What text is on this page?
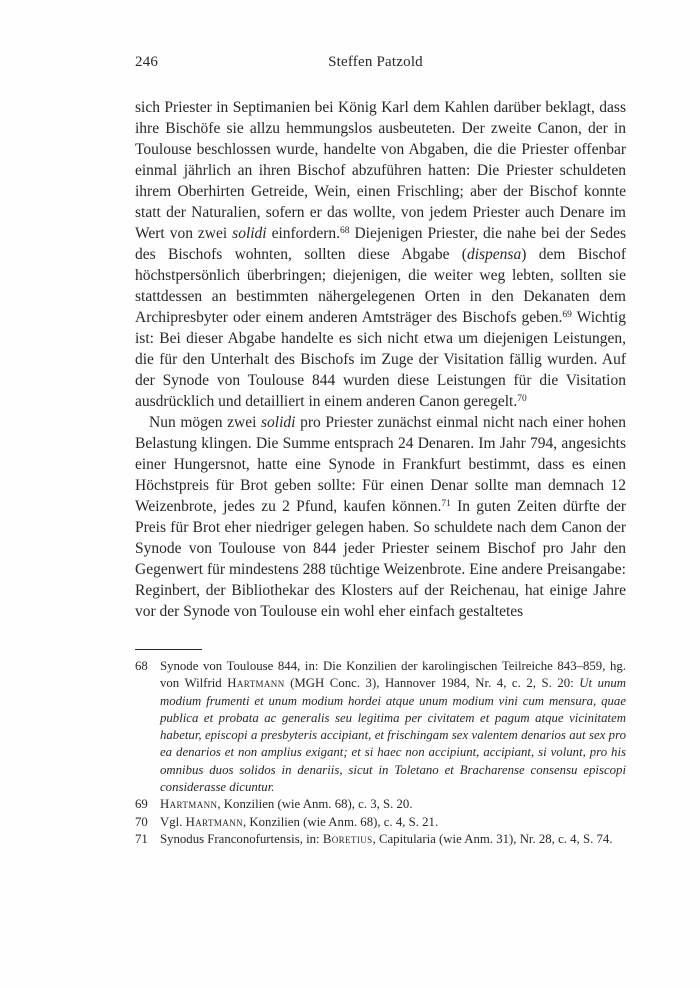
246	Steffen Patzold

sich Priester in Septimanien bei König Karl dem Kahlen darüber beklagt, dass ihre Bischöfe sie allzu hemmungslos ausbeuteten. Der zweite Canon, der in Toulouse beschlossen wurde, handelte von Abgaben, die die Priester offenbar einmal jährlich an ihren Bischof abzuführen hatten: Die Priester schuldeten ihrem Oberhirten Getreide, Wein, einen Frischling; aber der Bischof konnte statt der Naturalien, sofern er das wollte, von jedem Priester auch Denare im Wert von zwei solidi einfordern.$^{68}$ Diejenigen Priester, die nahe bei der Sedes des Bischofs wohnten, sollten diese Abgabe (dispensa) dem Bischof höchstpersönlich überbringen; diejenigen, die weiter weg lebten, sollten sie stattdessen an bestimmten nähergelegenen Orten in den Dekanaten dem Archipresbyter oder einem anderen Amtsträger des Bischofs geben.$^{69}$ Wichtig ist: Bei dieser Abgabe handelte es sich nicht etwa um diejenigen Leistungen, die für den Unterhalt des Bischofs im Zuge der Visitation fällig wurden. Auf der Synode von Toulouse 844 wurden diese Leistungen für die Visitation ausdrücklich und detailliert in einem anderen Canon geregelt.$^{70}$

Nun mögen zwei solidi pro Priester zunächst einmal nicht nach einer hohen Belastung klingen. Die Summe entsprach 24 Denaren. Im Jahr 794, angesichts einer Hungersnot, hatte eine Synode in Frankfurt bestimmt, dass es einen Höchstpreis für Brot geben sollte: Für einen Denar sollte man demnach 12 Weizenbrote, jedes zu 2 Pfund, kaufen können.$^{71}$ In guten Zeiten dürfte der Preis für Brot eher niedriger gelegen haben. So schuldete nach dem Canon der Synode von Toulouse von 844 jeder Priester seinem Bischof pro Jahr den Gegenwert für mindestens 288 tüchtige Weizenbrote. Eine andere Preisangabe: Reginbert, der Bibliothekar des Klosters auf der Reichenau, hat einige Jahre vor der Synode von Toulouse ein wohl eher einfach gestaltetes

68 Synode von Toulouse 844, in: Die Konzilien der karolingischen Teilreiche 843–859, hg. von Wilfrid Hartmann (MGH Conc. 3), Hannover 1984, Nr. 4, c. 2, S. 20: Ut unum modium frumenti et unum modium hordei atque unum modium vini cum mensura, quae publica et probata ac generalis seu legitima per civitatem et pagum atque vicinitatem habetur, episcopi a presbyteris accipiant, et frischingam sex valentem denarios aut sex pro ea denarios et non amplius exigant; et si haec non accipiunt, accipiant, si volunt, pro his omnibus duos solidos in denariis, sicut in Toletano et Bracharense consensu episcopi considerasse dicuntur.
69 Hartmann, Konzilien (wie Anm. 68), c. 3, S. 20.
70 Vgl. Hartmann, Konzilien (wie Anm. 68), c. 4, S. 21.
71 Synodus Franconofurtensis, in: Boretius, Capitularia (wie Anm. 31), Nr. 28, c. 4, S. 74.
